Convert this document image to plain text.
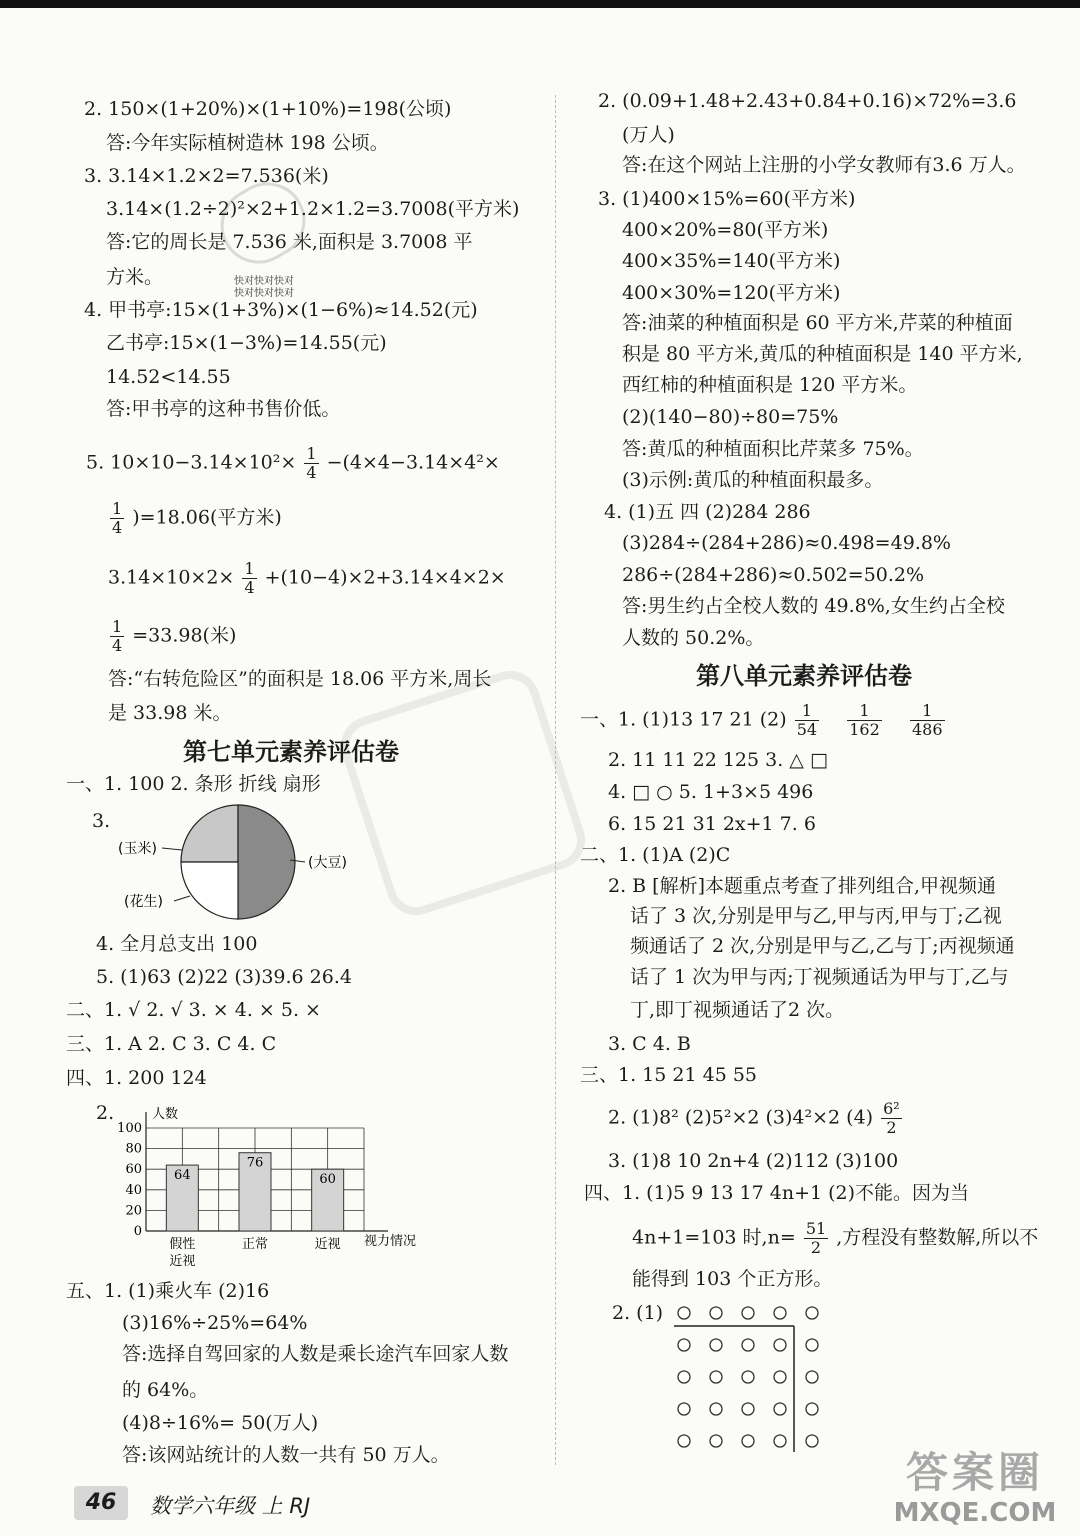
2. 150×(1+20%)×(1+10%)=198(公顷)
答:今年实际植树造林 198 公顷。
3. 3.14×1.2×2=7.536(米)
3.14×(1.2÷2)²×2+1.2×1.2=3.7008(平方米)
答:它的周长是 7.536 米,面积是 3.7008 平
方米。	快对快对快对
快对快对快对
4. 甲书亭:15×(1+3%)×(1−6%)≈14.52(元)
乙书亭:15×(1−3%)=14.55(元)
14.52<14.55
答:甲书亭的这种书售价低。
5. $10\times 10-3.14\times 10^2\times \frac{1}{4} -(4\times 4-3.14\times 4^2\times$
$\frac{1}{4} )=18.06$(平方米)
$3.14\times 10\times 2\times \frac{1}{4} +(10-4)\times 2+3.14\times 4\times 2\times$
$\frac{1}{4} =33.98$(米)
答:“右转危险区”的面积是 18.06 平方米,周长
是 33.98 米。
第七单元素养评估卷
一、1. 100 2. 条形 折线 扇形
3.
(玉米)
(大豆)
(花生)
4. 全月总支出 100
5. (1)63 (2)22 (3)39.6 26.4
二、1. √ 2. √ 3. × 4. × 5. ×
三、1. A 2. C 3. C 4. C
四、1. 200 124
2.	人数
64
76
60
0
20
40
60
80
100
假性
近视
正常	近视 视力情况
五、1. (1)乘火车 (2)16
(3)16%÷25%=64%
答:选择自驾回家的人数是乘长途汽车回家人数
的 64%。
(4)8÷16%= 50(万人)
答:该网站统计的人数一共有 50 万人。
2. (0.09+1.48+2.43+0.84+0.16)×72%=3.6
(万人)
答:在这个网站上注册的小学女教师有3.6 万人。
3. (1)400×15%=60(平方米)
400×20%=80(平方米)
400×35%=140(平方米)
400×30%=120(平方米)
答:油菜的种植面积是 60 平方米,芹菜的种植面
积是 80 平方米,黄瓜的种植面积是 140 平方米,
西红柿的种植面积是 120 平方米。
(2)(140−80)÷80=75%
答:黄瓜的种植面积比芹菜多 75%。
(3)示例:黄瓜的种植面积最多。
4. (1)五 四 (2)284 286
(3)284÷(284+286)≈0.498=49.8%
286÷(284+286)≈0.502=50.2%
答:男生约占全校人数的 49.8%,女生约占全校
人数的 50.2%。
第八单元素养评估卷
一、1. (1)13 17 21 $(2) \frac{1}{54}$
$\frac{1}{162}$
$\frac{1}{486}$
2. 11 11 22 125 3. △ □
4. □ ○ 5. 1+3×5 496
6. 15 21 31 2x+1 7. 6
二、1. (1)A (2)C
2. B [解析]本题重点考查了排列组合,甲视频通
话了 3 次,分别是甲与乙,甲与丙,甲与丁;乙视
频通话了 2 次,分别是甲与乙,乙与丁;丙视频通
话了 1 次为甲与丙;丁视频通话为甲与丁,乙与
丁,即丁视频通话了2 次。
3. C 4. B
三、1. 15 21 45 55
2. (1)8² (2)5²×2 (3)4²×2 $(4) \frac{\text{6²}}{2}$
3. (1)8 10 2n+4 (2)112 (3)100
四、1. (1)5 9 13 17 4n+1 (2)不能。因为当
4n+1=103 时$,n= \frac{51}{2}$ ,方程没有整数解,所以不
能得到 103 个正方形。
2. (1)
46	数学六年级 上 RJ
答案圈
MXQE.COM
